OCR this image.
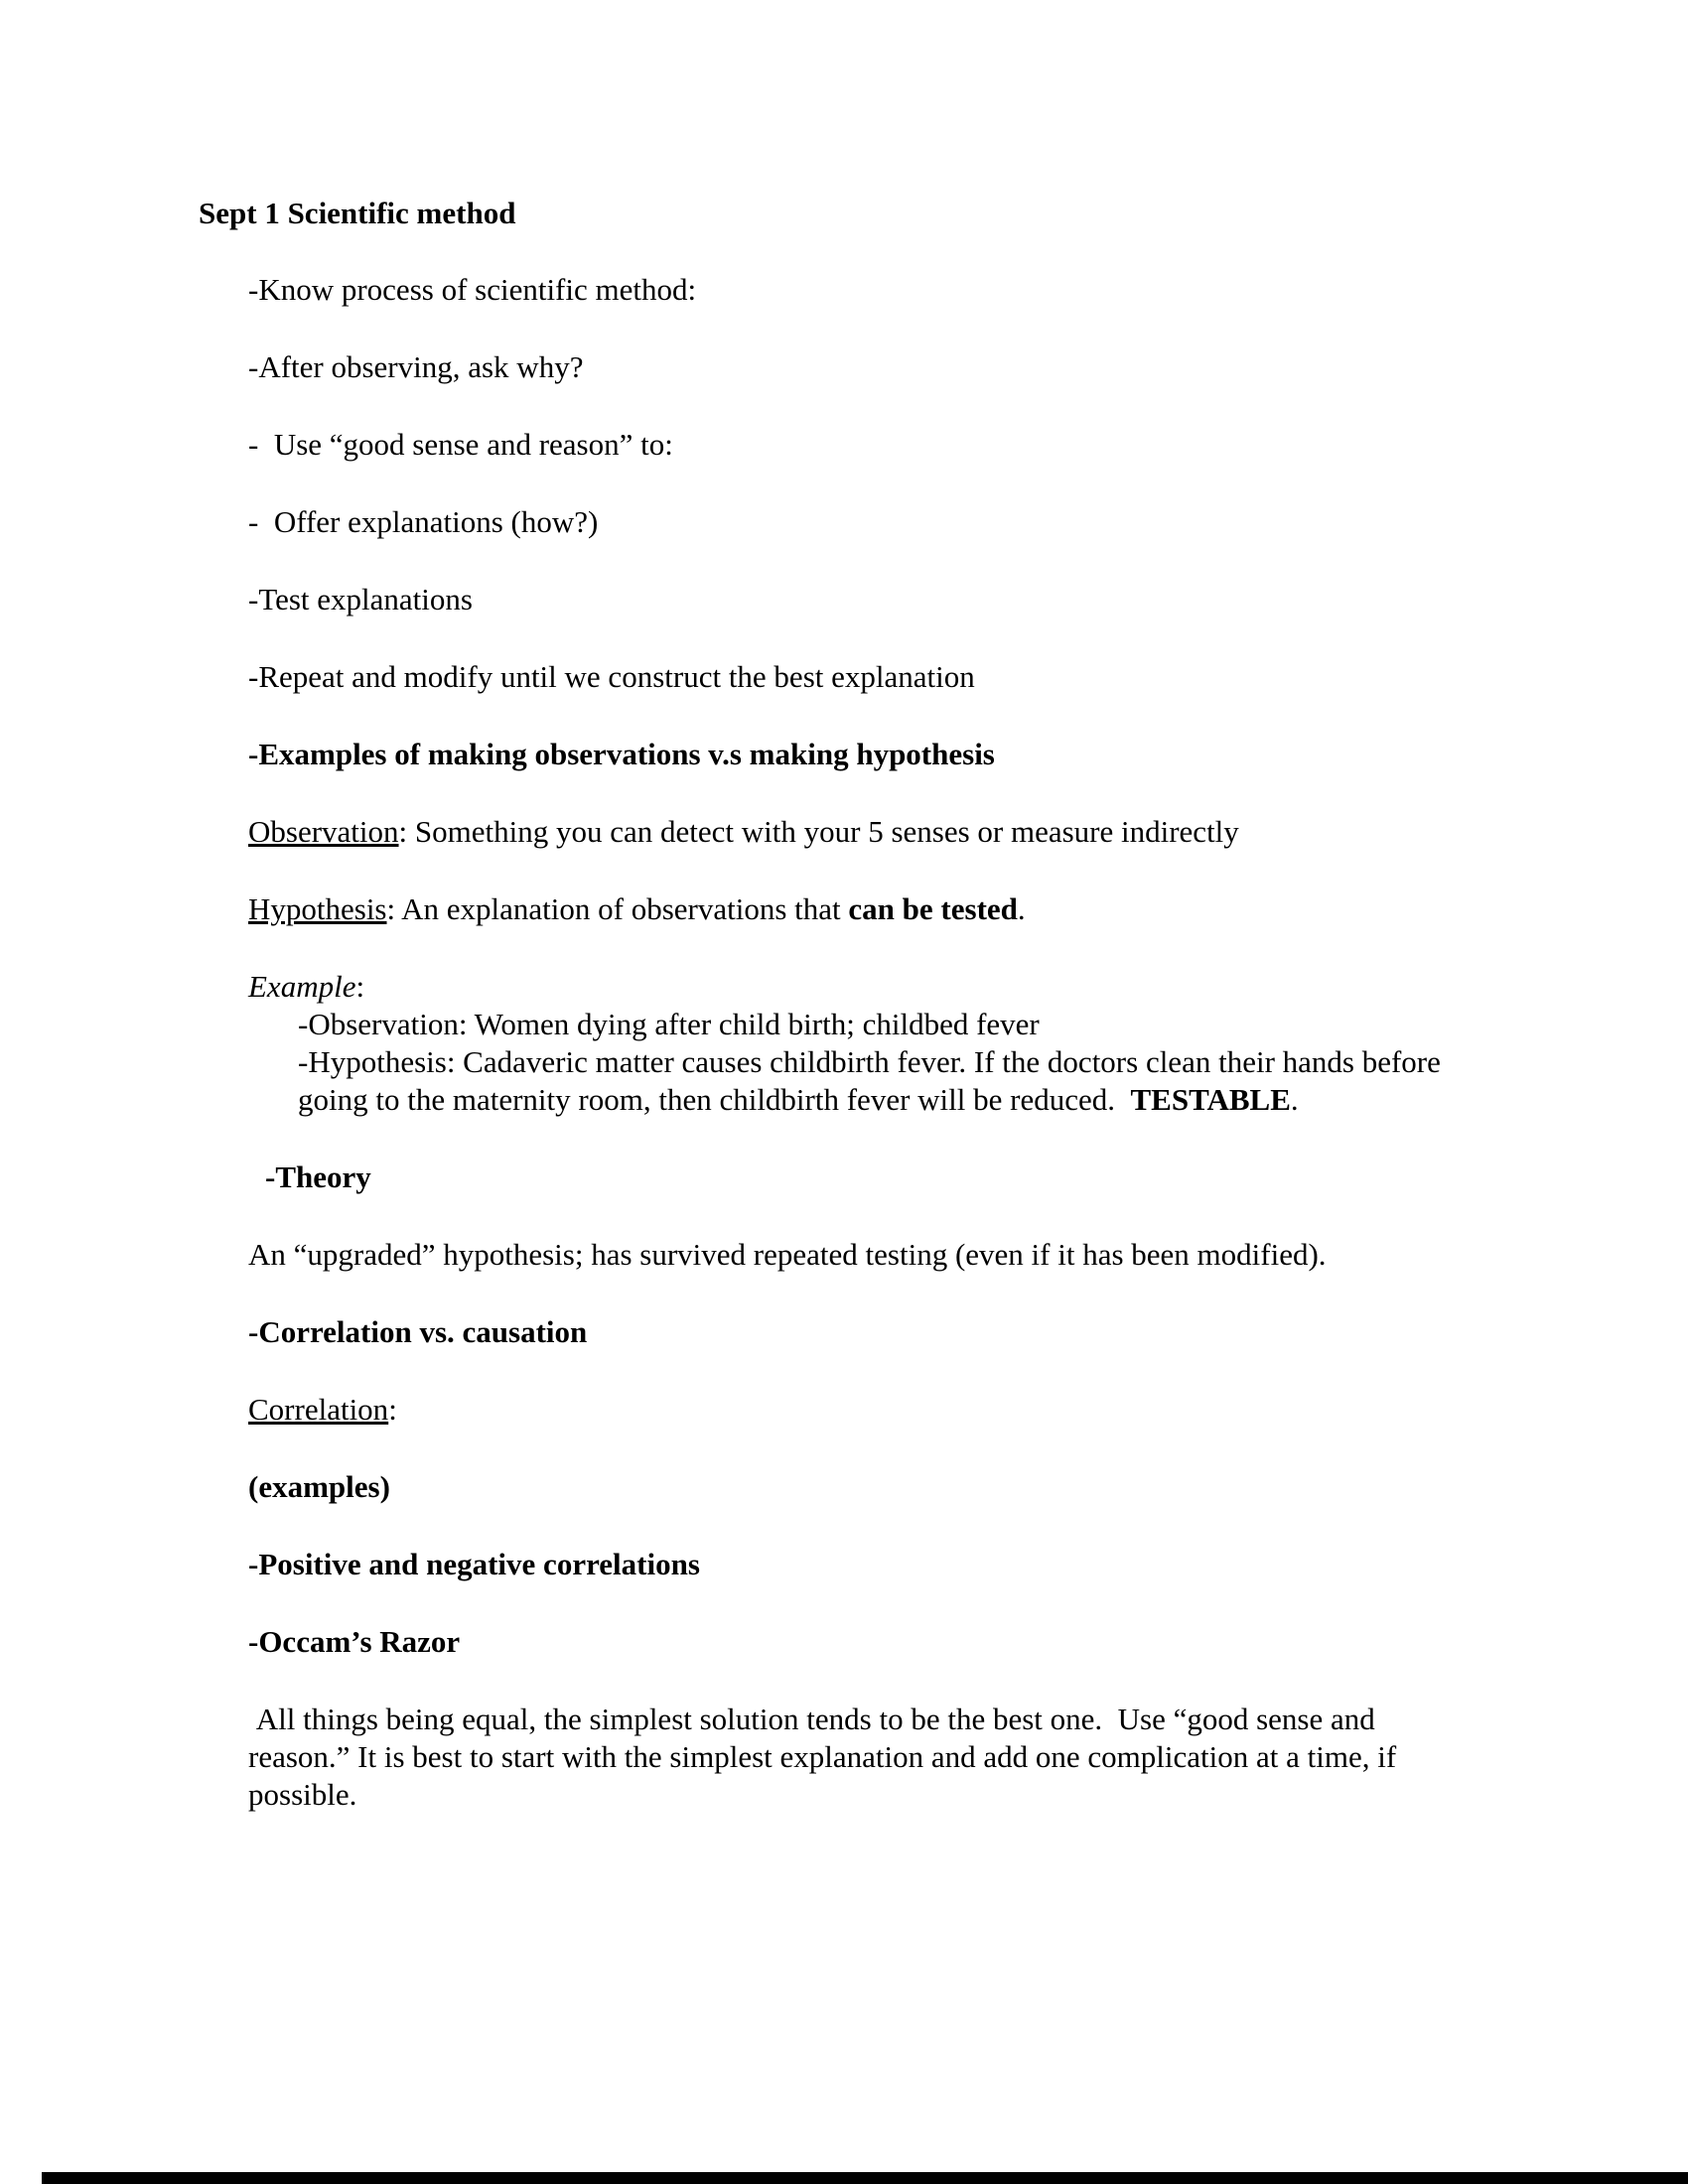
Sept 1 Scientific method

-Know process of scientific method:

-After observing, ask why?

-  Use “good sense and reason” to:

-  Offer explanations (how?)

-Test explanations

-Repeat and modify until we construct the best explanation

-Examples of making observations v.s making hypothesis

Observation: Something you can detect with your 5 senses or measure indirectly

Hypothesis: An explanation of observations that can be tested.

Example:

-Observation: Women dying after child birth; childbed fever

-Hypothesis: Cadaveric matter causes childbirth fever. If the doctors clean their hands before going to the maternity room, then childbirth fever will be reduced.  TESTABLE.

-Theory

An “upgraded” hypothesis; has survived repeated testing (even if it has been modified).

-Correlation vs. causation

Correlation:

(examples)

-Positive and negative correlations

-Occam’s Razor

All things being equal, the simplest solution tends to be the best one.  Use “good sense and reason.” It is best to start with the simplest explanation and add one complication at a time, if possible.
